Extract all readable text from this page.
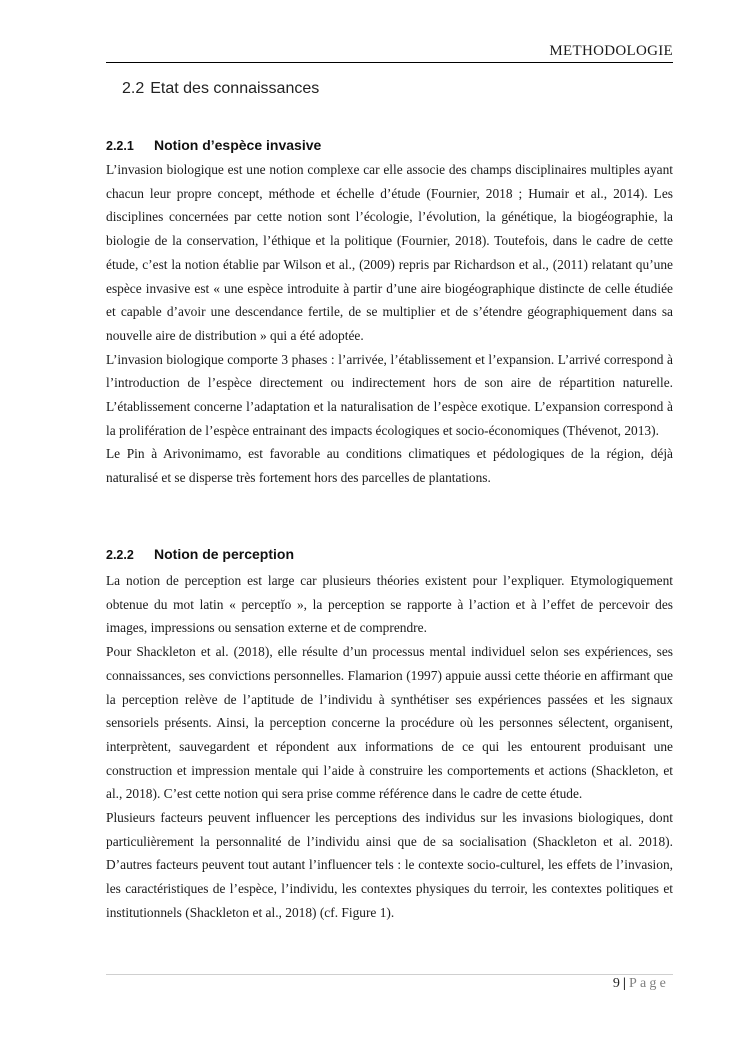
METHODOLOGIE
2.2 Etat des connaissances
2.2.1 Notion d’espèce invasive

L’invasion biologique est une notion complexe car elle associe des champs disciplinaires multiples ayant chacun leur propre concept, méthode et échelle d’étude (Fournier, 2018 ; Humair et al., 2014). Les disciplines concernées par cette notion sont l’écologie, l’évolution, la génétique, la biogéographie, la biologie de la conservation, l’éthique et la politique (Fournier, 2018). Toutefois, dans le cadre de cette étude, c’est la notion établie par Wilson et al., (2009) repris par Richardson et al., (2011) relatant qu’une espèce invasive est « une espèce introduite à partir d’une aire biogéographique distincte de celle étudiée et capable d’avoir une descendance fertile, de se multiplier et de s’étendre géographiquement dans sa nouvelle aire de distribution » qui a été adoptée.

L’invasion biologique comporte 3 phases : l’arrivée, l’établissement et l’expansion. L’arrivé correspond à l’introduction de l’espèce directement ou indirectement hors de son aire de répartition naturelle. L’établissement concerne l’adaptation et la naturalisation de l’espèce exotique. L’expansion correspond à la prolifération de l’espèce entrainant des impacts écologiques et socio-économiques (Thévenot, 2013).

Le Pin à Arivonimamo, est favorable au conditions climatiques et pédologiques de la région, déjà naturalisé et se disperse très fortement hors des parcelles de plantations.

2.2.2 Notion de perception

La notion de perception est large car plusieurs théories existent pour l’expliquer. Etymologiquement obtenue du mot latin « perceptĭo », la perception se rapporte à l’action et à l’effet de percevoir des images, impressions ou sensation externe et de comprendre.

Pour Shackleton et al. (2018), elle résulte d’un processus mental individuel selon ses expériences, ses connaissances, ses convictions personnelles. Flamarion (1997) appuie aussi cette théorie en affirmant que la perception relève de l’aptitude de l’individu à synthétiser ses expériences passées et les signaux sensoriels présents. Ainsi, la perception concerne la procédure où les personnes sélectent, organisent, interprètent, sauvegardent et répondent aux informations de ce qui les entourent produisant une construction et impression mentale qui l’aide à construire les comportements et actions (Shackleton, et al., 2018). C’est cette notion qui sera prise comme référence dans le cadre de cette étude.

Plusieurs facteurs peuvent influencer les perceptions des individus sur les invasions biologiques, dont particulièrement la personnalité de l’individu ainsi que de sa socialisation (Shackleton et al. 2018). D’autres facteurs peuvent tout autant l’influencer tels : le contexte socio-culturel, les effets de l’invasion, les caractéristiques de l’espèce, l’individu, les contextes physiques du terroir, les contextes politiques et institutionnels (Shackleton et al., 2018) (cf. Figure 1).

9 | Page
